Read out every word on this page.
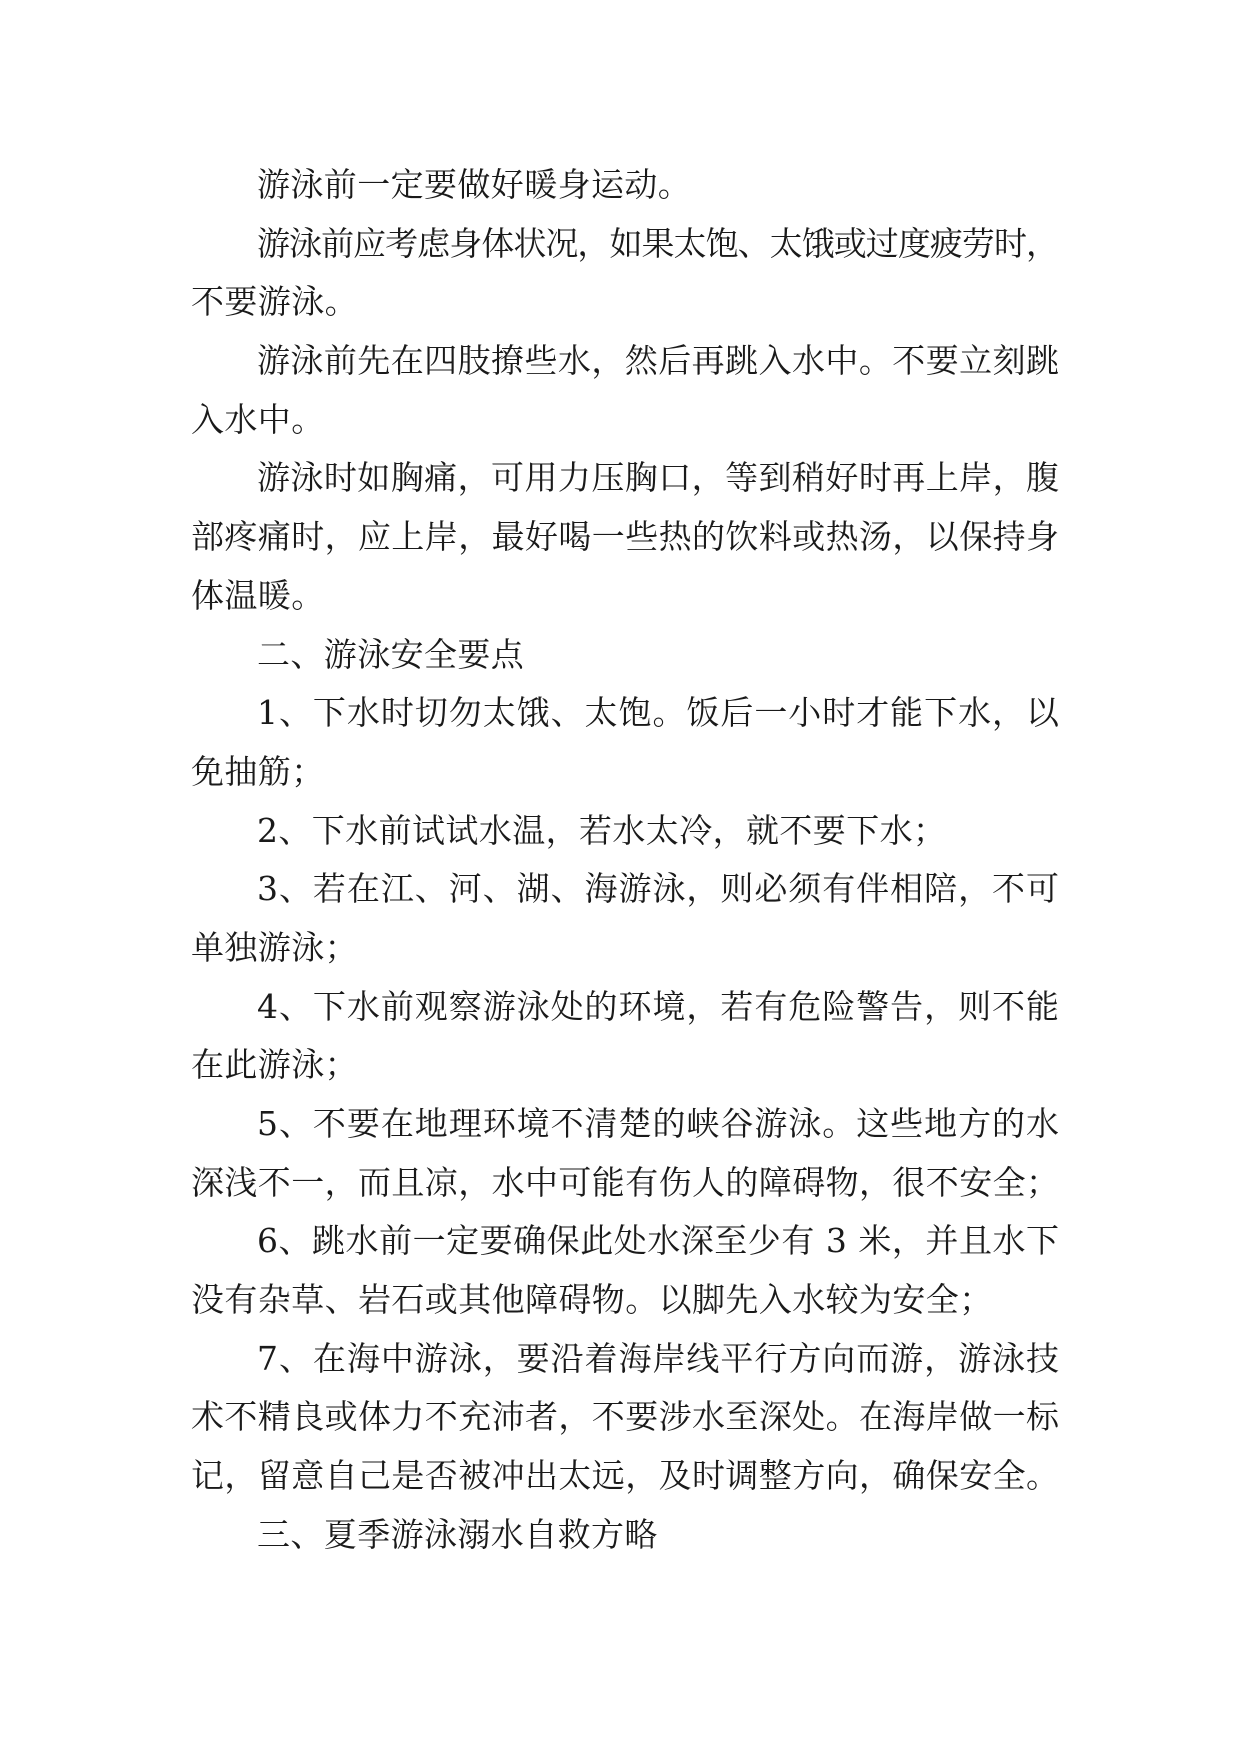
游泳前一定要做好暖身运动。
游泳前应考虑身体状况，如果太饱、太饿或过度疲劳时，
不要游泳。
游泳前先在四肢撩些水，然后再跳入水中。不要立刻跳
入水中。
游泳时如胸痛，可用力压胸口，等到稍好时再上岸，腹
部疼痛时，应上岸，最好喝一些热的饮料或热汤，以保持身
体温暖。
二、游泳安全要点
1、下水时切勿太饿、太饱。饭后一小时才能下水，以
免抽筋；
2、下水前试试水温，若水太冷，就不要下水；
3、若在江、河、湖、海游泳，则必须有伴相陪，不可
单独游泳；
4、下水前观察游泳处的环境，若有危险警告，则不能
在此游泳；
5、不要在地理环境不清楚的峡谷游泳。这些地方的水
深浅不一，而且凉，水中可能有伤人的障碍物，很不安全；
6、跳水前一定要确保此处水深至少有 3 米，并且水下
没有杂草、岩石或其他障碍物。以脚先入水较为安全；
7、在海中游泳，要沿着海岸线平行方向而游，游泳技
术不精良或体力不充沛者，不要涉水至深处。在海岸做一标
记，留意自己是否被冲出太远，及时调整方向，确保安全。
三、夏季游泳溺水自救方略
